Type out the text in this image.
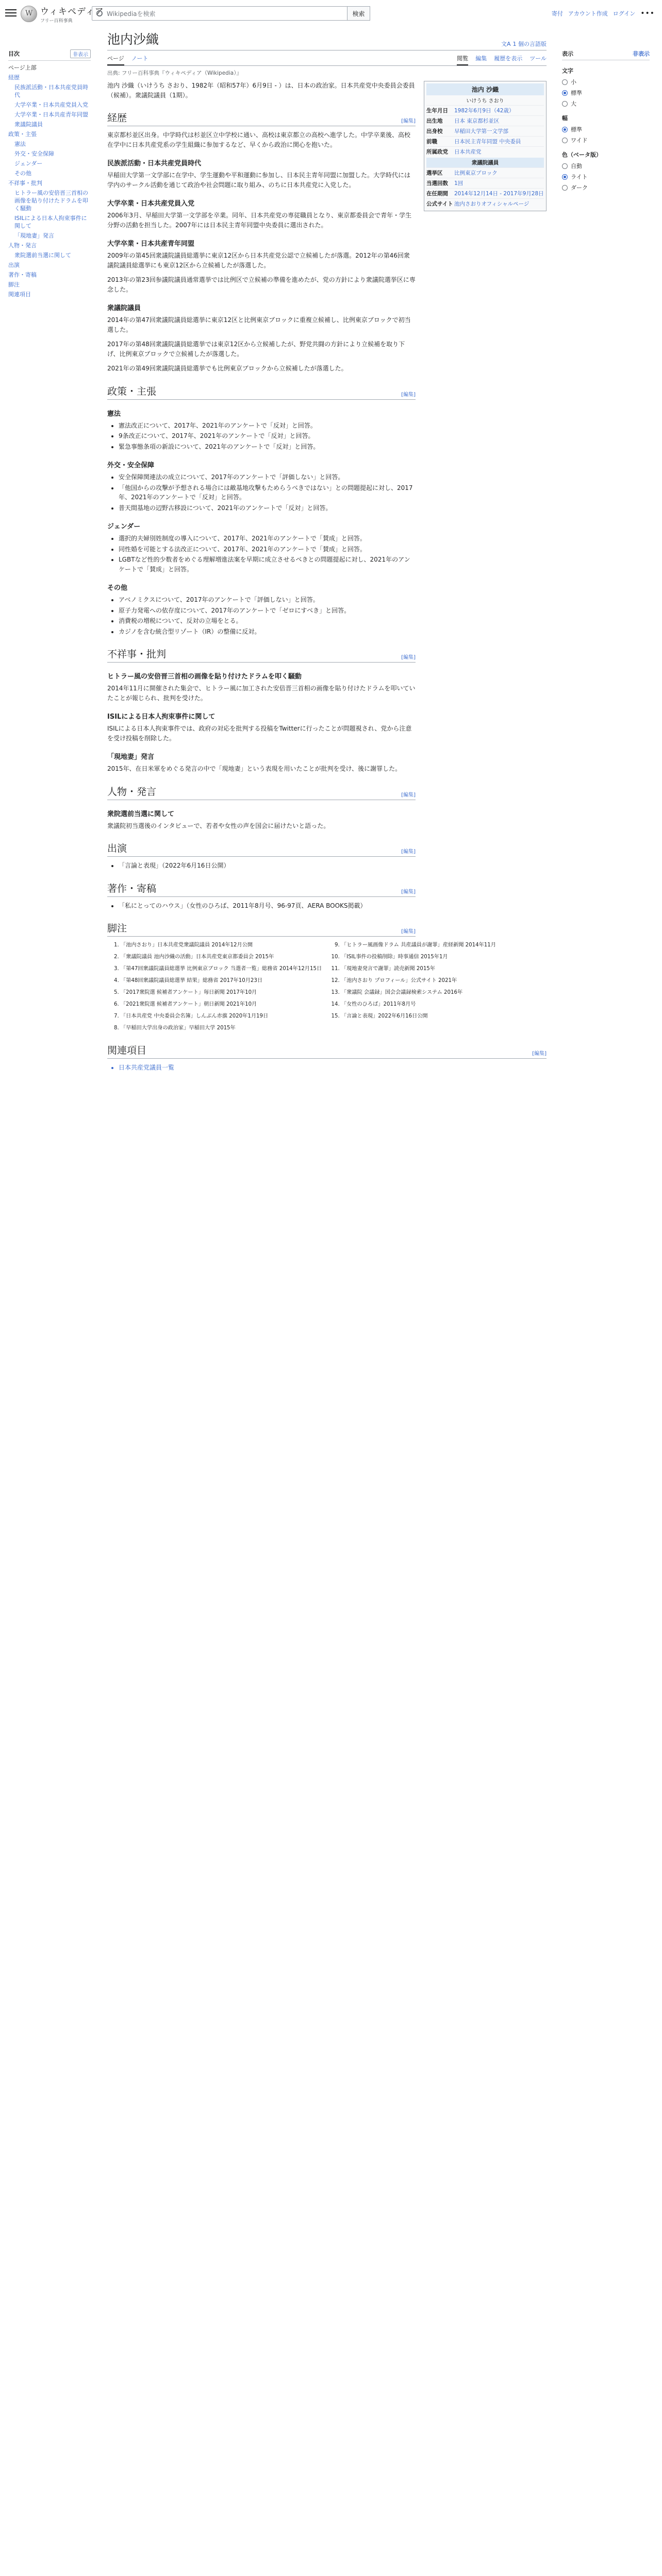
W
ウィキペディア
フリー百科事典
Wikipediaを検索	検索	寄付 アカウント作成 ログイン •••
目次	非表示
ページ上部
経歴
民族派活動・日本共産党員時代
大学卒業・日本共産党員入党
大学卒業・日本共産青年同盟
衆議院議員
政策・主張
憲法
外交・安全保障
ジェンダー
その他
不祥事・批判
ヒトラー風の安倍晋三首相の画像を貼り付けたドラムを叩く騒動
ISILによる日本人拘束事件に関して
「現地妻」発言
人物・発言
衆院選前当選に関して
出演
著作・寄稿
脚注
関連項目
池内沙織	文A 1 個の言語版
ページ ノート	閲覧 編集 履歴を表示 ツール
出典: フリー百科事典『ウィキペディア（Wikipedia）』
池内 沙織
いけうち さおり
生年月日	1982年6月9日（42歳）
出生地	日本 東京都杉並区
出身校	早稲田大学第一文学部
前職	日本民主青年同盟 中央委員
所属政党	日本共産党
衆議院議員
選挙区	比例東京ブロック
当選回数	1回
在任期間	2014年12月14日 - 2017年9月28日
公式サイト 池内さおりオフィシャルページ

池内 沙織（いけうち さおり、1982年（昭和57年）6月9日 - ）は、日本の政治家。日本共産党中央委員会委員（候補）。衆議院議員（1期）。

経歴	[編集]

東京都杉並区出身。中学時代は杉並区立中学校に通い、高校は東京都立の高校へ進学した。中学卒業後、高校在学中に日本共産党系の学生組織に参加するなど、早くから政治に関心を抱いた。

民族派活動・日本共産党員時代

早稲田大学第一文学部に在学中、学生運動や平和運動に参加し、日本民主青年同盟に加盟した。大学時代には学内のサークル活動を通じて政治や社会問題に取り組み、のちに日本共産党に入党した。

大学卒業・日本共産党員入党

2006年3月、早稲田大学第一文学部を卒業。同年、日本共産党の専従職員となり、東京都委員会で青年・学生分野の活動を担当した。2007年には日本民主青年同盟中央委員に選出された。

大学卒業・日本共産青年同盟

2009年の第45回衆議院議員総選挙に東京12区から日本共産党公認で立候補したが落選。2012年の第46回衆議院議員総選挙にも東京12区から立候補したが落選した。

2013年の第23回参議院議員通常選挙では比例区で立候補の準備を進めたが、党の方針により衆議院選挙区に専念した。

衆議院議員

2014年の第47回衆議院議員総選挙に東京12区と比例東京ブロックに重複立候補し、比例東京ブロックで初当選した。

2017年の第48回衆議院議員総選挙では東京12区から立候補したが、野党共闘の方針により立候補を取り下げ、比例東京ブロックで立候補したが落選した。

2021年の第49回衆議院議員総選挙でも比例東京ブロックから立候補したが落選した。

政策・主張	[編集]
憲法
• 憲法改正について、2017年、2021年のアンケートで「反対」と回答。
• 9条改正について、2017年、2021年のアンケートで「反対」と回答。
• 緊急事態条項の新設について、2021年のアンケートで「反対」と回答。
外交・安全保障
• 安全保障関連法の成立について、2017年のアンケートで「評価しない」と回答。
• 「他国からの攻撃が予想される場合には敵基地攻撃もためらうべきではない」との問題提起に対し、2017年、2021年のアンケートで「反対」と回答。
• 普天間基地の辺野古移設について、2021年のアンケートで「反対」と回答。
ジェンダー
• 選択的夫婦別姓制度の導入について、2017年、2021年のアンケートで「賛成」と回答。
• 同性婚を可能とする法改正について、2017年、2021年のアンケートで「賛成」と回答。
• LGBTなど性的少数者をめぐる理解増進法案を早期に成立させるべきとの問題提起に対し、2021年のアンケートで「賛成」と回答。
その他
• アベノミクスについて、2017年のアンケートで「評価しない」と回答。
• 原子力発電への依存度について、2017年のアンケートで「ゼロにすべき」と回答。
• 消費税の増税について、反対の立場をとる。
• カジノを含む統合型リゾート（IR）の整備に反対。
不祥事・批判	[編集]
ヒトラー風の安倍晋三首相の画像を貼り付けたドラムを叩く騒動

2014年11月に開催された集会で、ヒトラー風に加工された安倍晋三首相の画像を貼り付けたドラムを叩いていたことが報じられ、批判を受けた。

ISILによる日本人拘束事件に関して

ISILによる日本人拘束事件では、政府の対応を批判する投稿をTwitterに行ったことが問題視され、党から注意を受け投稿を削除した。

「現地妻」発言

2015年、在日米軍をめぐる発言の中で「現地妻」という表現を用いたことが批判を受け、後に謝罪した。

人物・発言	[編集]
衆院選前当選に関して

衆議院初当選後のインタビューで、若者や女性の声を国会に届けたいと語った。

出演	[編集]
• 「言論と表現」（2022年6月16日公開）
著作・寄稿	[編集]
• 「私にとってのハウス」（女性のひろば、2011年8月号、96-97頁、AERA BOOKS掲載）
脚注	[編集]
1. 「池内さおり」日本共産党衆議院議員 2014年12月公開
2. 「衆議院議員 池内沙織の活動」日本共産党東京都委員会 2015年
3. 「第47回衆議院議員総選挙 比例東京ブロック 当選者一覧」総務省 2014年12月15日
4. 「第48回衆議院議員総選挙 結果」総務省 2017年10月23日
5. 「2017衆院選 候補者アンケート」毎日新聞 2017年10月
6. 「2021衆院選 候補者アンケート」朝日新聞 2021年10月
7. 「日本共産党 中央委員会名簿」しんぶん赤旗 2020年1月19日
8. 「早稲田大学出身の政治家」早稲田大学 2015年
9. 「ヒトラー風画像ドラム 共産議員が謝罪」産経新聞 2014年11月
10. 「ISIL事件の投稿削除」時事通信 2015年1月
11. 「現地妻発言で謝罪」読売新聞 2015年
12. 「池内さおり プロフィール」公式サイト 2021年
13. 「衆議院 会議録」国会会議録検索システム 2016年
14. 「女性のひろば」2011年8月号
15. 「言論と表現」2022年6月16日公開
関連項目	[編集]
• 日本共産党議員一覧
表示	非表示
文字
小
標準
大
幅
標準
ワイド
色（ベータ版）
自動
ライト
ダーク
